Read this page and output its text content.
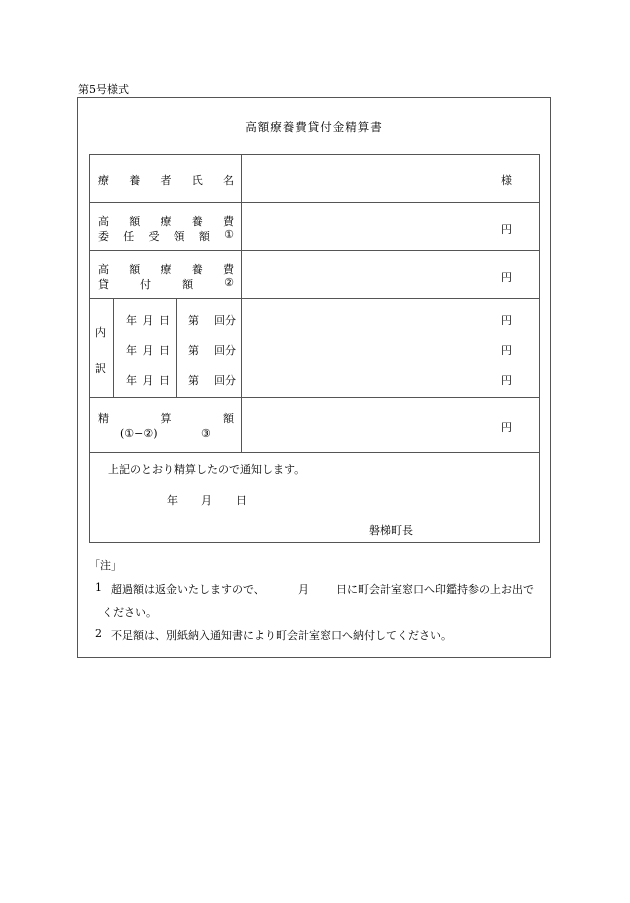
第5号様式
高額療養費貸付金精算書
療 養 者 氏 名	様
高 額 療 養 費
委 任 受 領 額 ①	円
高 額 療 養 費
貸	付	額	②	円
内
訳
年 月 日 第 回分	円
年 月 日 第 回分	円
年 月 日 第 回分	円
精	算	額
(①−②)	③	円
上記のとおり精算したので通知します。
年 月 日
磐梯町長
「注」
1 超過額は返金いたしますので、	月 日に町会計室窓口へ印鑑持参の上お出で
ください。
2 不足額は、別紙納入通知書により町会計室窓口へ納付してください。
